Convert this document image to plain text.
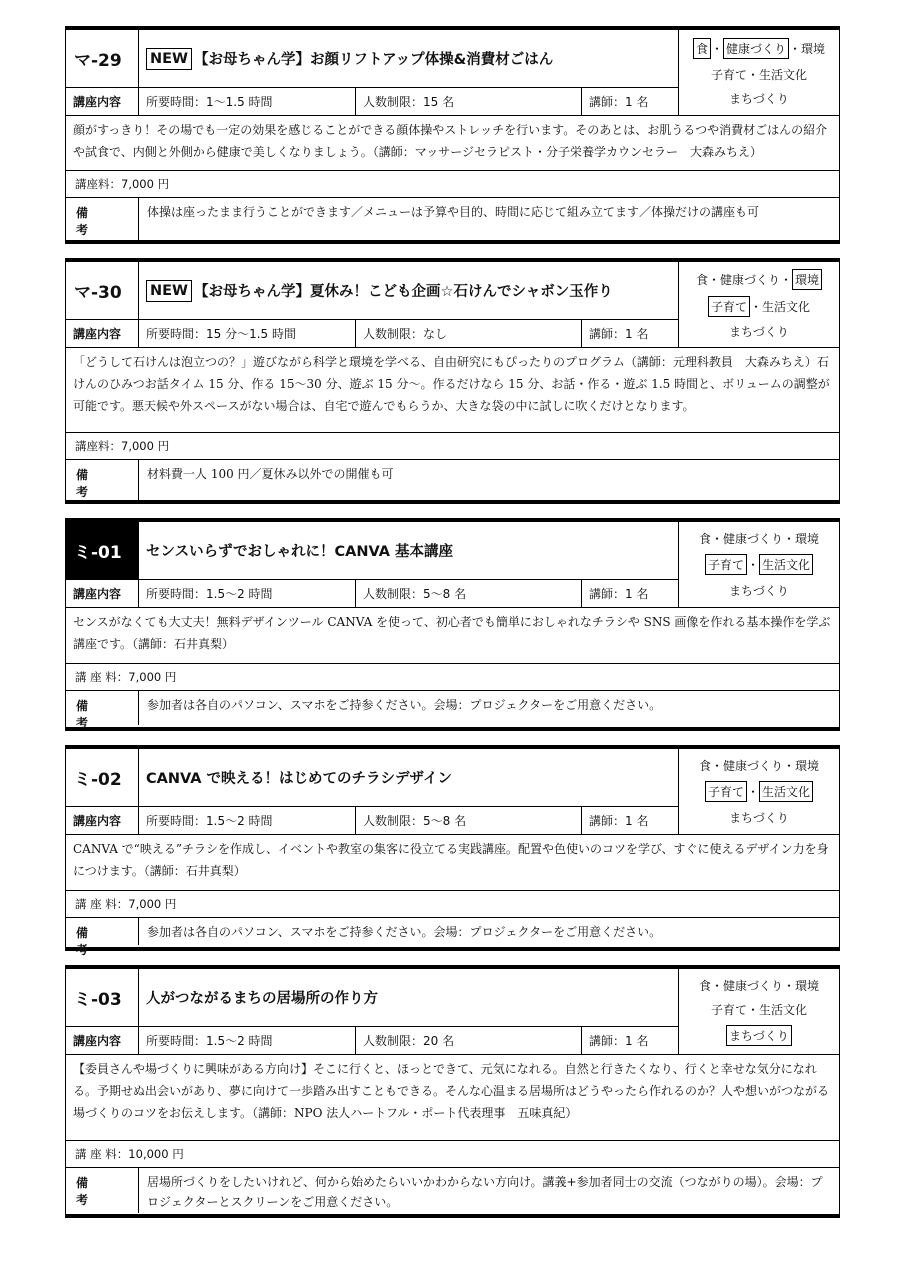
マ-29	NEW 【お母ちゃん学】お顔リフトアップ体操&消費材ごはん
食 ・ 健康づくり ・環境
子育て・生活文化
まちづくり
講座内容	所要時間：1～1.5 時間	人数制限：15 名	講師：1 名
顔がすっきり！その場でも一定の効果を感じることができる顔体操やストレッチを行います。そのあとは、お肌うるつや消費材ごはんの紹介や試食で、内側と外側から健康で美しくなりましょう。（講師：マッサージセラピスト・分子栄養学カウンセラー　大森みちえ）
講座料：7,000 円
備考
体操は座ったまま行うことができます／メニューは予算や目的、時間に応じて組み立てます／体操だけの講座も可
マ-30	NEW 【お母ちゃん学】夏休み！こども企画☆石けんでシャボン玉作り
食・健康づくり・ 環境
子育て ・生活文化
まちづくり
講座内容	所要時間：15 分～1.5 時間	人数制限：なし	講師：1 名
「どうして石けんは泡立つの？」遊びながら科学と環境を学べる、自由研究にもぴったりのプログラム（講師：元理科教員　大森みちえ）石けんのひみつお話タイム 15 分、作る 15～30 分、遊ぶ 15 分～。作るだけなら 15 分、お話・作る・遊ぶ 1.5 時間と、ボリュームの調整が可能です。悪天候や外スペースがない場合は、自宅で遊んでもらうか、大きな袋の中に試しに吹くだけとなります。
講座料：7,000 円
備考
材料費一人 100 円／夏休み以外での開催も可
ミ-01	センスいらずでおしゃれに！CANVA 基本講座
食・健康づくり・環境
子育て ・ 生活文化
まちづくり
講座内容	所要時間：1.5～2 時間	人数制限：5～8 名	講師：1 名
センスがなくても大丈夫！無料デザインツール CANVA を使って、初心者でも簡単におしゃれなチラシや SNS 画像を作れる基本操作を学ぶ講座です。（講師：石井真梨）
講 座 料：7,000 円
備考
参加者は各自のパソコン、スマホをご持参ください。会場：プロジェクターをご用意ください。
ミ-02	CANVA で映える！はじめてのチラシデザイン
食・健康づくり・環境
子育て ・ 生活文化
まちづくり
講座内容	所要時間：1.5～2 時間	人数制限：5～8 名	講師：1 名
CANVA で“映える”チラシを作成し、イベントや教室の集客に役立てる実践講座。配置や色使いのコツを学び、すぐに使えるデザイン力を身につけます。（講師：石井真梨）
講 座 料：7,000 円
備考
参加者は各自のパソコン、スマホをご持参ください。会場：プロジェクターをご用意ください。
ミ-03	人がつながるまちの居場所の作り方
食・健康づくり・環境
子育て・生活文化
まちづくり
講座内容	所要時間：1.5～2 時間	人数制限：20 名	講師：1 名
【委員さんや場づくりに興味がある方向け】そこに行くと、ほっとできて、元気になれる。自然と行きたくなり、行くと幸せな気分になれる。予期せぬ出会いがあり、夢に向けて一歩踏み出すこともできる。そんな心温まる居場所はどうやったら作れるのか？人や想いがつながる場づくりのコツをお伝えします。（講師：NPO 法人ハートフル・ポート代表理事　五味真紀）
講 座 料：10,000 円
備考
居場所づくりをしたいけれど、何から始めたらいいかわからない方向け。講義+参加者同士の交流（つながりの場）。会場：プロジェクターとスクリーンをご用意ください。
